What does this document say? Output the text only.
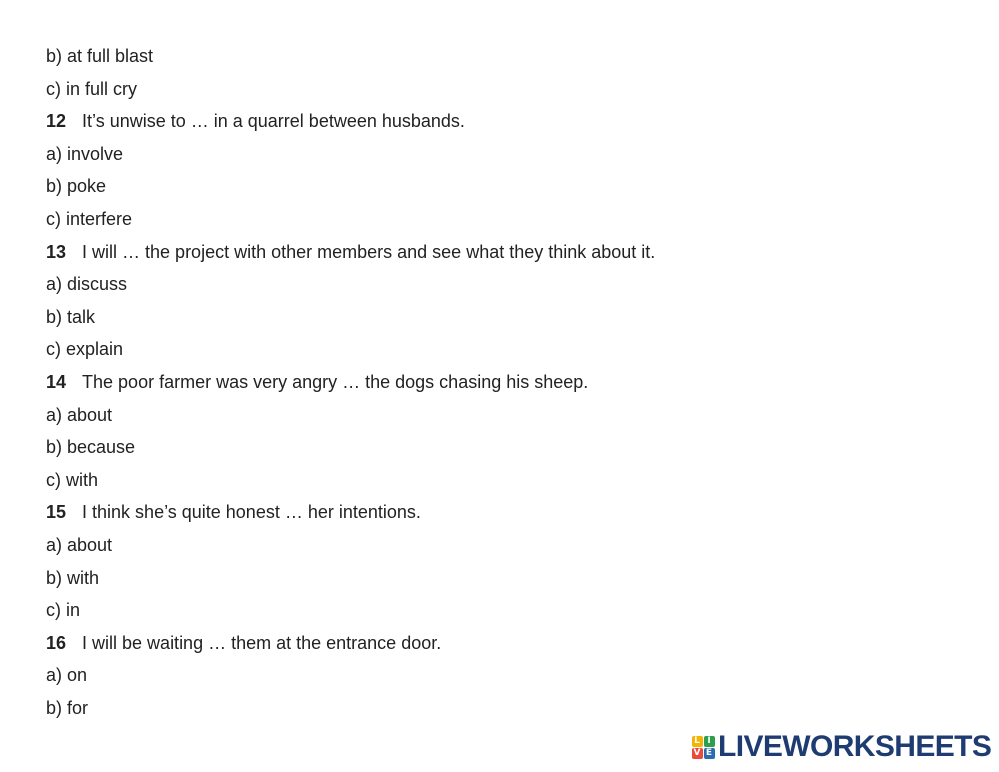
b) at full blast
c) in full cry
12 It’s unwise to … in a quarrel between husbands.
a) involve
b) poke
c) interfere
13 I will … the project with other members and see what they think about it.
a) discuss
b) talk
c) explain
14 The poor farmer was very angry … the dogs chasing his sheep.
a) about
b) because
c) with
15 I think she’s quite honest … her intentions.
a) about
b) with
c) in
16 I will be waiting … them at the entrance door.
a) on
b) for
L I
V E LIVEWORKSHEETS
